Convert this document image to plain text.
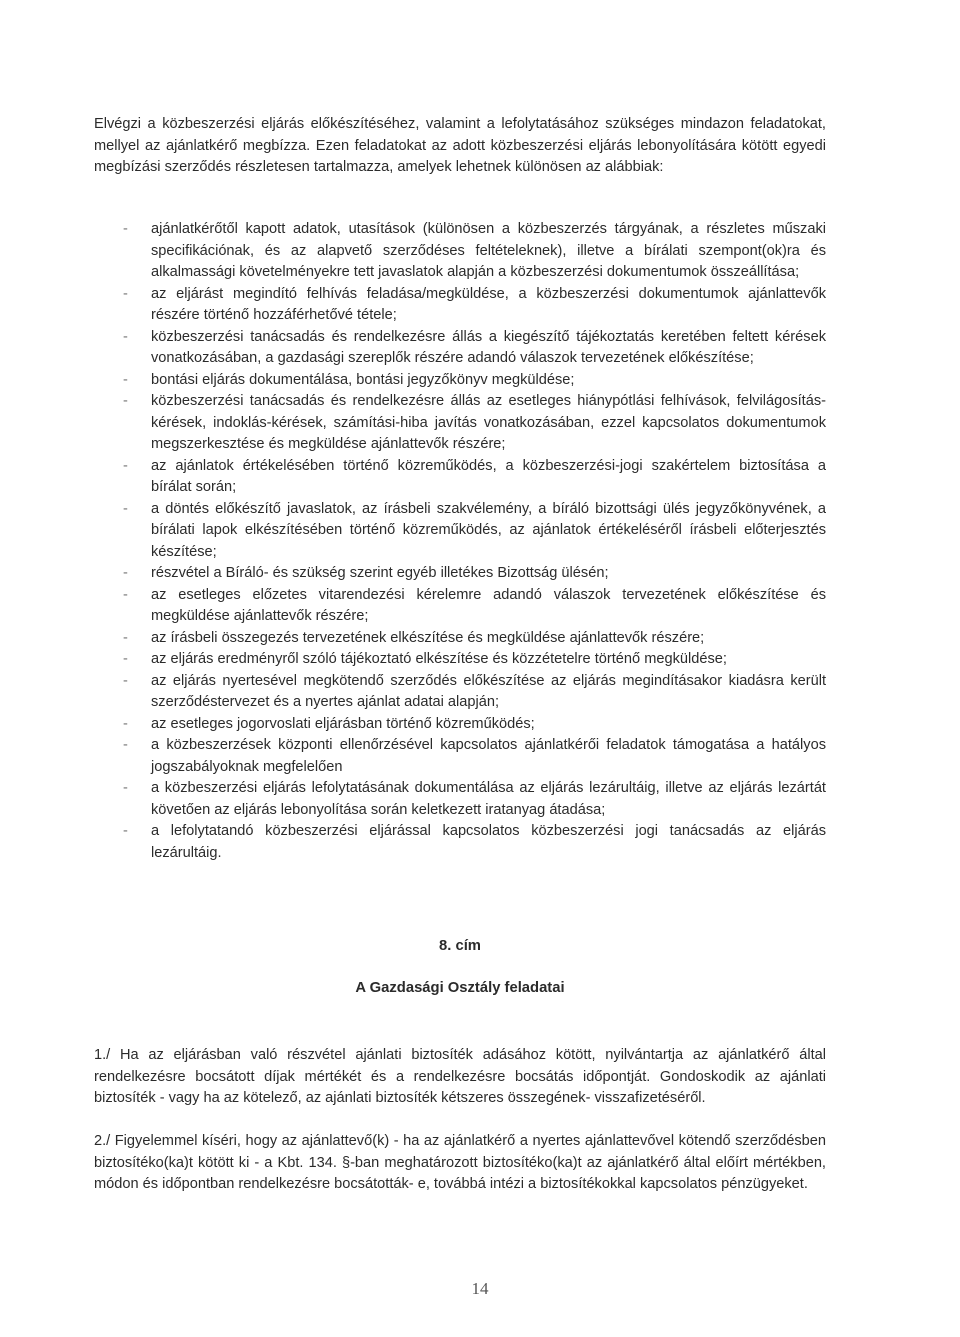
Elvégzi a közbeszerzési eljárás előkészítéséhez, valamint a lefolytatásához szükséges mindazon feladatokat, mellyel az ajánlatkérő megbízza. Ezen feladatokat az adott közbeszerzési eljárás lebonyolítására kötött egyedi megbízási szerződés részletesen tartalmazza, amelyek lehetnek különösen az alábbiak:

- ajánlatkérőtől kapott adatok, utasítások (különösen a közbeszerzés tárgyának, a részletes műszaki specifikációnak, és az alapvető szerződéses feltételeknek), illetve a bírálati szempont(ok)ra és alkalmassági követelményekre tett javaslatok alapján a közbeszerzési dokumentumok összeállítása;
- az eljárást megindító felhívás feladása/megküldése, a közbeszerzési dokumentumok ajánlattevők részére történő hozzáférhetővé tétele;
- közbeszerzési tanácsadás és rendelkezésre állás a kiegészítő tájékoztatás keretében feltett kérések vonatkozásában, a gazdasági szereplők részére adandó válaszok tervezetének előkészítése;
- bontási eljárás dokumentálása, bontási jegyzőkönyv megküldése;
- közbeszerzési tanácsadás és rendelkezésre állás az esetleges hiánypótlási felhívások, felvilágosítás-kérések, indoklás-kérések, számítási-hiba javítás vonatkozásában, ezzel kapcsolatos dokumentumok megszerkesztése és megküldése ajánlattevők részére;
- az ajánlatok értékelésében történő közreműködés, a közbeszerzési-jogi szakértelem biztosítása a bírálat során;
- a döntés előkészítő javaslatok, az írásbeli szakvélemény, a bíráló bizottsági ülés jegyzőkönyvének, a bírálati lapok elkészítésében történő közreműködés, az ajánlatok értékeléséről írásbeli előterjesztés készítése;
- részvétel a Bíráló- és szükség szerint egyéb illetékes Bizottság ülésén;
- az esetleges előzetes vitarendezési kérelemre adandó válaszok tervezetének előkészítése és megküldése ajánlattevők részére;
- az írásbeli összegezés tervezetének elkészítése és megküldése ajánlattevők részére;
- az eljárás eredményről szóló tájékoztató elkészítése és közzétetelre történő megküldése;
- az eljárás nyertesével megkötendő szerződés előkészítése az eljárás megindításakor kiadásra került szerződéstervezet és a nyertes ajánlat adatai alapján;
- az esetleges jogorvoslati eljárásban történő közreműködés;
- a közbeszerzések központi ellenőrzésével kapcsolatos ajánlatkérői feladatok támogatása a hatályos jogszabályoknak megfelelően
- a közbeszerzési eljárás lefolytatásának dokumentálása az eljárás lezárultáig, illetve az eljárás lezártát követően az eljárás lebonyolítása során keletkezett iratanyag átadása;
- a lefolytatandó közbeszerzési eljárással kapcsolatos közbeszerzési jogi tanácsadás az eljárás lezárultáig.

8. cím

A Gazdasági Osztály feladatai

1./ Ha az eljárásban való részvétel ajánlati biztosíték adásához kötött, nyilvántartja az ajánlatkérő által rendelkezésre bocsátott díjak mértékét és a rendelkezésre bocsátás időpontját. Gondoskodik az ajánlati biztosíték - vagy ha az kötelező, az ajánlati biztosíték kétszeres összegének- visszafizetéséről.

2./ Figyelemmel kíséri, hogy az ajánlattevő(k) - ha az ajánlatkérő a nyertes ajánlattevővel kötendő szerződésben biztosítéko(ka)t kötött ki - a Kbt. 134. §-ban meghatározott biztosítéko(ka)t az ajánlatkérő által előírt mértékben, módon és időpontban rendelkezésre bocsátották- e, továbbá intézi a biztosítékokkal kapcsolatos pénzügyeket.

14
